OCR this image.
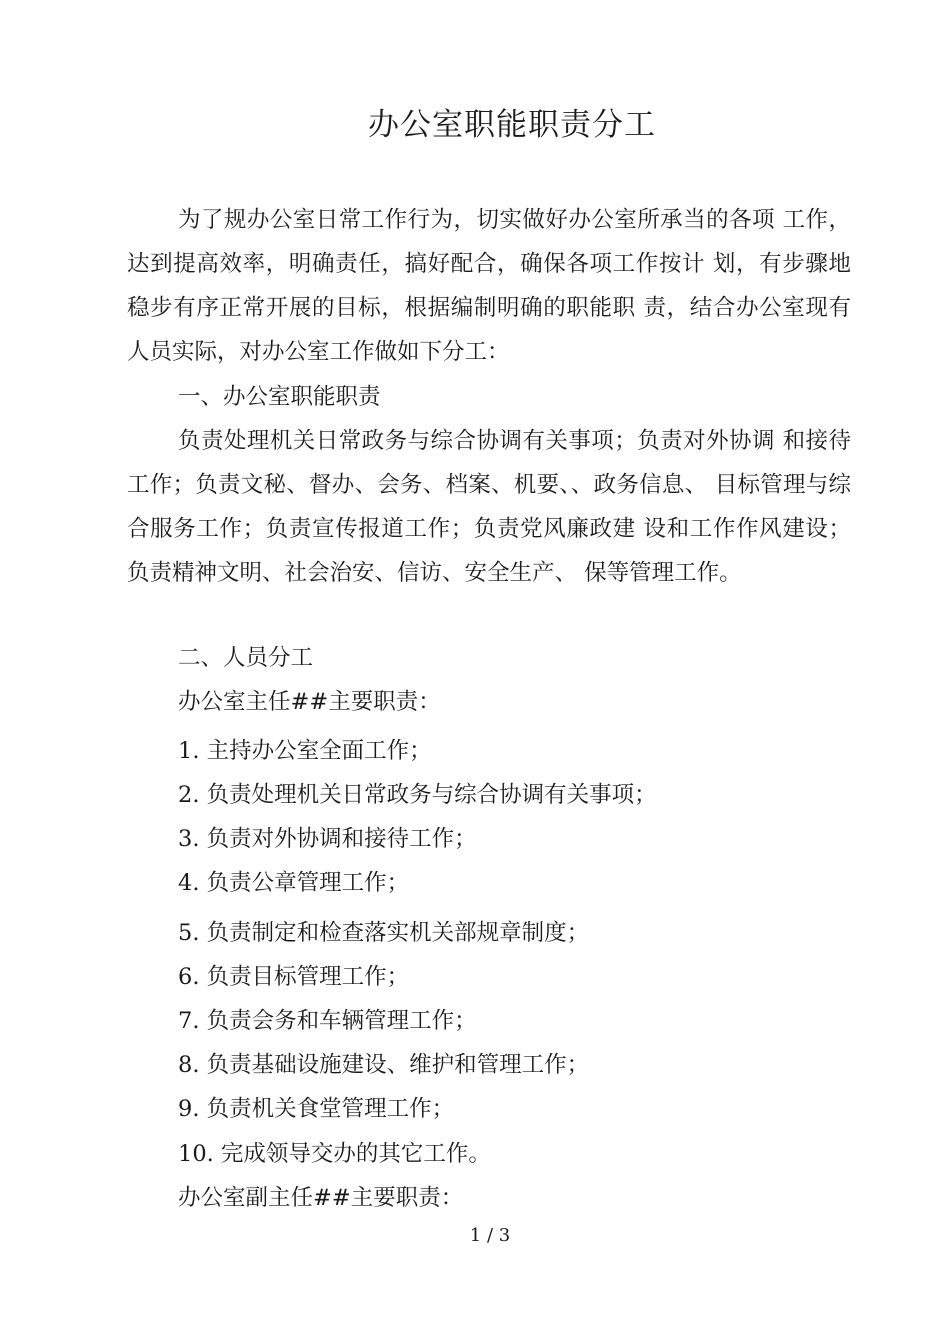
办公室职能职责分工

为了规办公室日常工作行为，切实做好办公室所承当的各项 工作，达到提高效率，明确责任，搞好配合，确保各项工作按计 划，有步骤地稳步有序正常开展的目标，根据编制明确的职能职 责，结合办公室现有人员实际，对办公室工作做如下分工：

一、办公室职能职责

负责处理机关日常政务与综合协调有关事项；负责对外协调 和接待工作；负责文秘、督办、会务、档案、机要、、政务信息、 目标管理与综合服务工作；负责宣传报道工作；负责党风廉政建 设和工作作风建设；负责精神文明、社会治安、信访、安全生产、 保等管理工作。

二、人员分工

办公室主任##主要职责：

1. 主持办公室全面工作；

2. 负责处理机关日常政务与综合协调有关事项；

3. 负责对外协调和接待工作；

4. 负责公章管理工作；

5. 负责制定和检查落实机关部规章制度；

6. 负责目标管理工作；

7. 负责会务和车辆管理工作；

8. 负责基础设施建设、维护和管理工作；

9. 负责机关食堂管理工作；

10. 完成领导交办的其它工作。

办公室副主任##主要职责：

1 / 3
